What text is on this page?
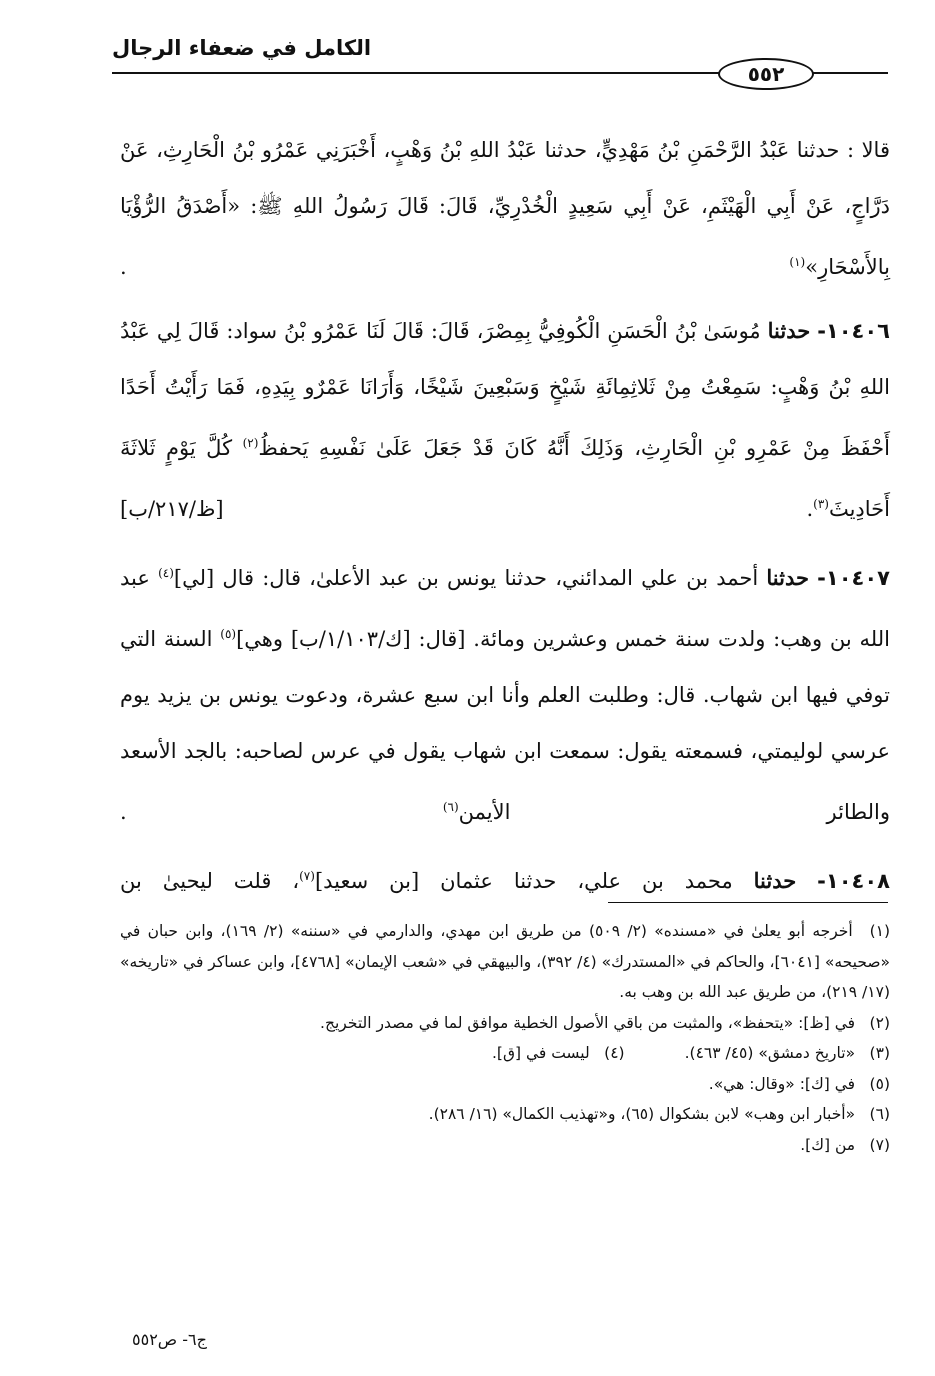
الكامل في ضعفاء الرجال
٥٥٢

قالا : حدثنا عَبْدُ الرَّحْمَنِ بْنُ مَهْدِيٍّ، حدثنا عَبْدُ اللهِ بْنُ وَهْبٍ، أَخْبَرَنِي عَمْرُو بْنُ الْحَارِثِ، عَنْ دَرَّاجٍ، عَنْ أَبِي الْهَيْثَمِ، عَنْ أَبِي سَعِيدٍ الْخُدْرِيِّ، قَالَ: قَالَ رَسُولُ اللهِ ﷺ: «أَصْدَقُ الرُّؤْيَا بِالأَسْحَارِ»$^{(١)}$ .

١٠٤٠٦- حدثنا مُوسَىٰ بْنُ الْحَسَنِ الْكُوفِيُّ بِمِصْرَ، قَالَ: قَالَ لَنَا عَمْرُو بْنُ سواد: قَالَ لِي عَبْدُ اللهِ بْنُ وَهْبٍ: سَمِعْتُ مِنْ ثَلاثِمِائَةِ شَيْخٍ وَسَبْعِينَ شَيْخًا، وَأَرَانَا عَمْرٌو بِيَدِهِ، فَمَا رَأَيْتُ أَحَدًا أَحْفَظَ مِنْ عَمْرِو بْنِ الْحَارِثِ، وَذَلِكَ أَنَّهُ كَانَ قَدْ جَعَلَ عَلَىٰ نَفْسِهِ يَحفظُ$^{(٢)}$ كُلَّ يَوْمٍ ثَلاثَةَ أَحَادِيثَ$^{(٣)}$. [ظ/٢١٧/ب]

١٠٤٠٧- حدثنا أحمد بن علي المدائني، حدثنا يونس بن عبد الأعلىٰ، قال: قال [لي]$^{(٤)}$ عبد الله بن وهب: ولدت سنة خمس وعشرين ومائة. [قال: [ك/١/١٠٣/ب] وهي]$^{(٥)}$ السنة التي توفي فيها ابن شهاب. قال: وطلبت العلم وأنا ابن سبع عشرة، ودعوت يونس بن يزيد يوم عرسي لوليمتي، فسمعته يقول: سمعت ابن شهاب يقول في عرس لصاحبه: بالجد الأسعد والطائر الأيمن$^{(٦)}$ .

١٠٤٠٨- حدثنا محمد بن علي، حدثنا عثمان [بن سعيد]$^{(٧)}$، قلت ليحيىٰ بن

(١) أخرجه أبو يعلىٰ في «مسنده» (٢/ ٥٠٩) من طريق ابن مهدي، والدارمي في «سننه» (٢/ ١٦٩)، وابن حبان في «صحيحه» [٦٠٤١]، والحاكم في «المستدرك» (٤/ ٣٩٢)، والبيهقي في «شعب الإيمان» [٤٧٦٨]، وابن عساكر في «تاريخه» (١٧/ ٢١٩)، من طريق عبد الله بن وهب به.

(٢) في [ظ]: «يتحفظ»، والمثبت من باقي الأصول الخطية موافق لما في مصدر التخريج.

(٣) «تاريخ دمشق» (٤٥/ ٤٦٣).

(٤) ليست في [ق].

(٥) في [ك]: «وقال: هي».

(٦) «أخبار ابن وهب» لابن بشكوال (٦٥)، و«تهذيب الكمال» (١٦/ ٢٨٦).

(٧) من [ك].

ج٦- ص٥٥٢
